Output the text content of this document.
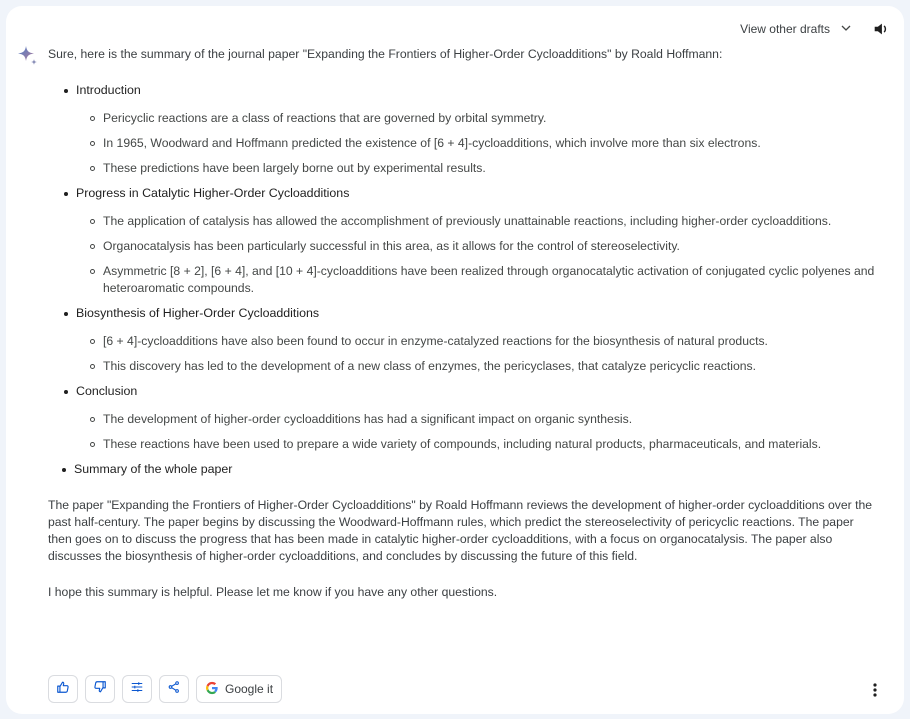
View other drafts

Sure, here is the summary of the journal paper "Expanding the Frontiers of Higher-Order Cycloadditions" by Roald Hoffmann:

Introduction
Pericyclic reactions are a class of reactions that are governed by orbital symmetry.
In 1965, Woodward and Hoffmann predicted the existence of [6 + 4]-cycloadditions, which involve more than six electrons.
These predictions have been largely borne out by experimental results.
Progress in Catalytic Higher-Order Cycloadditions
The application of catalysis has allowed the accomplishment of previously unattainable reactions, including higher-order cycloadditions.
Organocatalysis has been particularly successful in this area, as it allows for the control of stereoselectivity.
Asymmetric [8 + 2], [6 + 4], and [10 + 4]-cycloadditions have been realized through organocatalytic activation of conjugated cyclic polyenes and heteroaromatic compounds.
Biosynthesis of Higher-Order Cycloadditions
[6 + 4]-cycloadditions have also been found to occur in enzyme-catalyzed reactions for the biosynthesis of natural products.
This discovery has led to the development of a new class of enzymes, the pericyclases, that catalyze pericyclic reactions.
Conclusion
The development of higher-order cycloadditions has had a significant impact on organic synthesis.
These reactions have been used to prepare a wide variety of compounds, including natural products, pharmaceuticals, and materials.
Summary of the whole paper

The paper "Expanding the Frontiers of Higher-Order Cycloadditions" by Roald Hoffmann reviews the development of higher-order cycloadditions over the past half-century. The paper begins by discussing the Woodward-Hoffmann rules, which predict the stereoselectivity of pericyclic reactions. The paper then goes on to discuss the progress that has been made in catalytic higher-order cycloadditions, with a focus on organocatalysis. The paper also discusses the biosynthesis of higher-order cycloadditions, and concludes by discussing the future of this field.

I hope this summary is helpful. Please let me know if you have any other questions.

Google it
